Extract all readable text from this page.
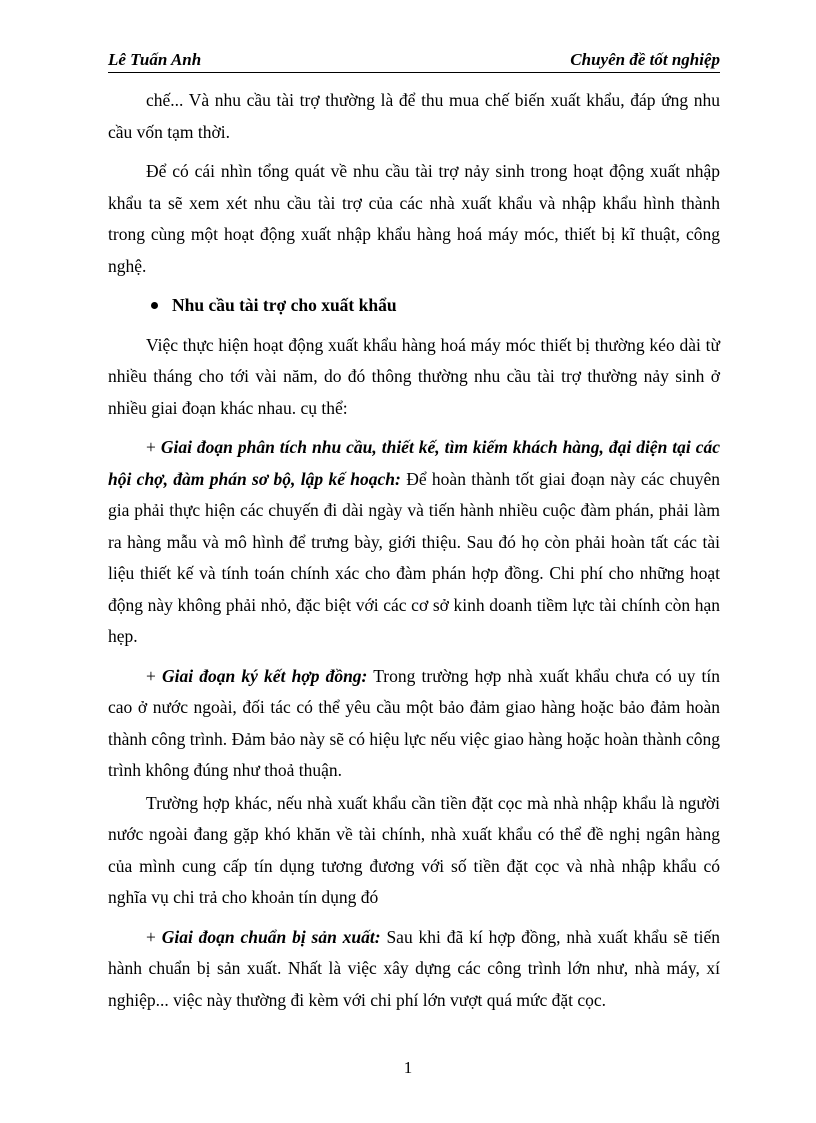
Lê Tuấn Anh	Chuyên đề tốt nghiệp

chế... Và nhu cầu tài trợ thường là để thu mua chế biến xuất khẩu, đáp ứng nhu cầu vốn tạm thời.

Để có cái nhìn tổng quát về nhu cầu tài trợ nảy sinh trong hoạt động xuất nhập khẩu ta sẽ xem xét nhu cầu tài trợ của các nhà xuất khẩu và nhập khẩu hình thành trong cùng một hoạt động xuất nhập khẩu hàng hoá máy móc, thiết bị kĩ thuật, công nghệ.

Nhu cầu tài trợ cho xuất khẩu

Việc thực hiện hoạt động xuất khẩu hàng hoá máy móc thiết bị thường kéo dài từ nhiều tháng cho tới vài năm, do đó thông thường nhu cầu tài trợ thường nảy sinh ở nhiều giai đoạn khác nhau. cụ thể:

+ Giai đoạn phân tích nhu cầu, thiết kế, tìm kiếm khách hàng, đại diện tại các hội chợ, đàm phán sơ bộ, lập kế hoạch: Để hoàn thành tốt giai đoạn này các chuyên gia phải thực hiện các chuyến đi dài ngày và tiến hành nhiều cuộc đàm phán, phải làm ra hàng mẫu và mô hình để trưng bày, giới thiệu. Sau đó họ còn phải hoàn tất các tài liệu thiết kế và tính toán chính xác cho đàm phán hợp đồng. Chi phí cho những hoạt động này không phải nhỏ, đặc biệt với các cơ sở kinh doanh tiềm lực tài chính còn hạn hẹp.

+ Giai đoạn ký kết hợp đồng: Trong trường hợp nhà xuất khẩu chưa có uy tín cao ở nước ngoài, đối tác có thể yêu cầu một bảo đảm giao hàng hoặc bảo đảm hoàn thành công trình. Đảm bảo này sẽ có hiệu lực nếu việc giao hàng hoặc hoàn thành công trình không đúng như thoả thuận.

Trường hợp khác, nếu nhà xuất khẩu cần tiền đặt cọc mà nhà nhập khẩu là người nước ngoài đang gặp khó khăn về tài chính, nhà xuất khẩu có thể đề nghị ngân hàng của mình cung cấp tín dụng tương đương với số tiền đặt cọc và nhà nhập khẩu có nghĩa vụ chi trả cho khoản tín dụng đó

+ Giai đoạn chuẩn bị sản xuất: Sau khi đã kí hợp đồng, nhà xuất khẩu sẽ tiến hành chuẩn bị sản xuất. Nhất là việc xây dựng các công trình lớn như, nhà máy, xí nghiệp... việc này thường đi kèm với chi phí lớn vượt quá mức đặt cọc.

1
